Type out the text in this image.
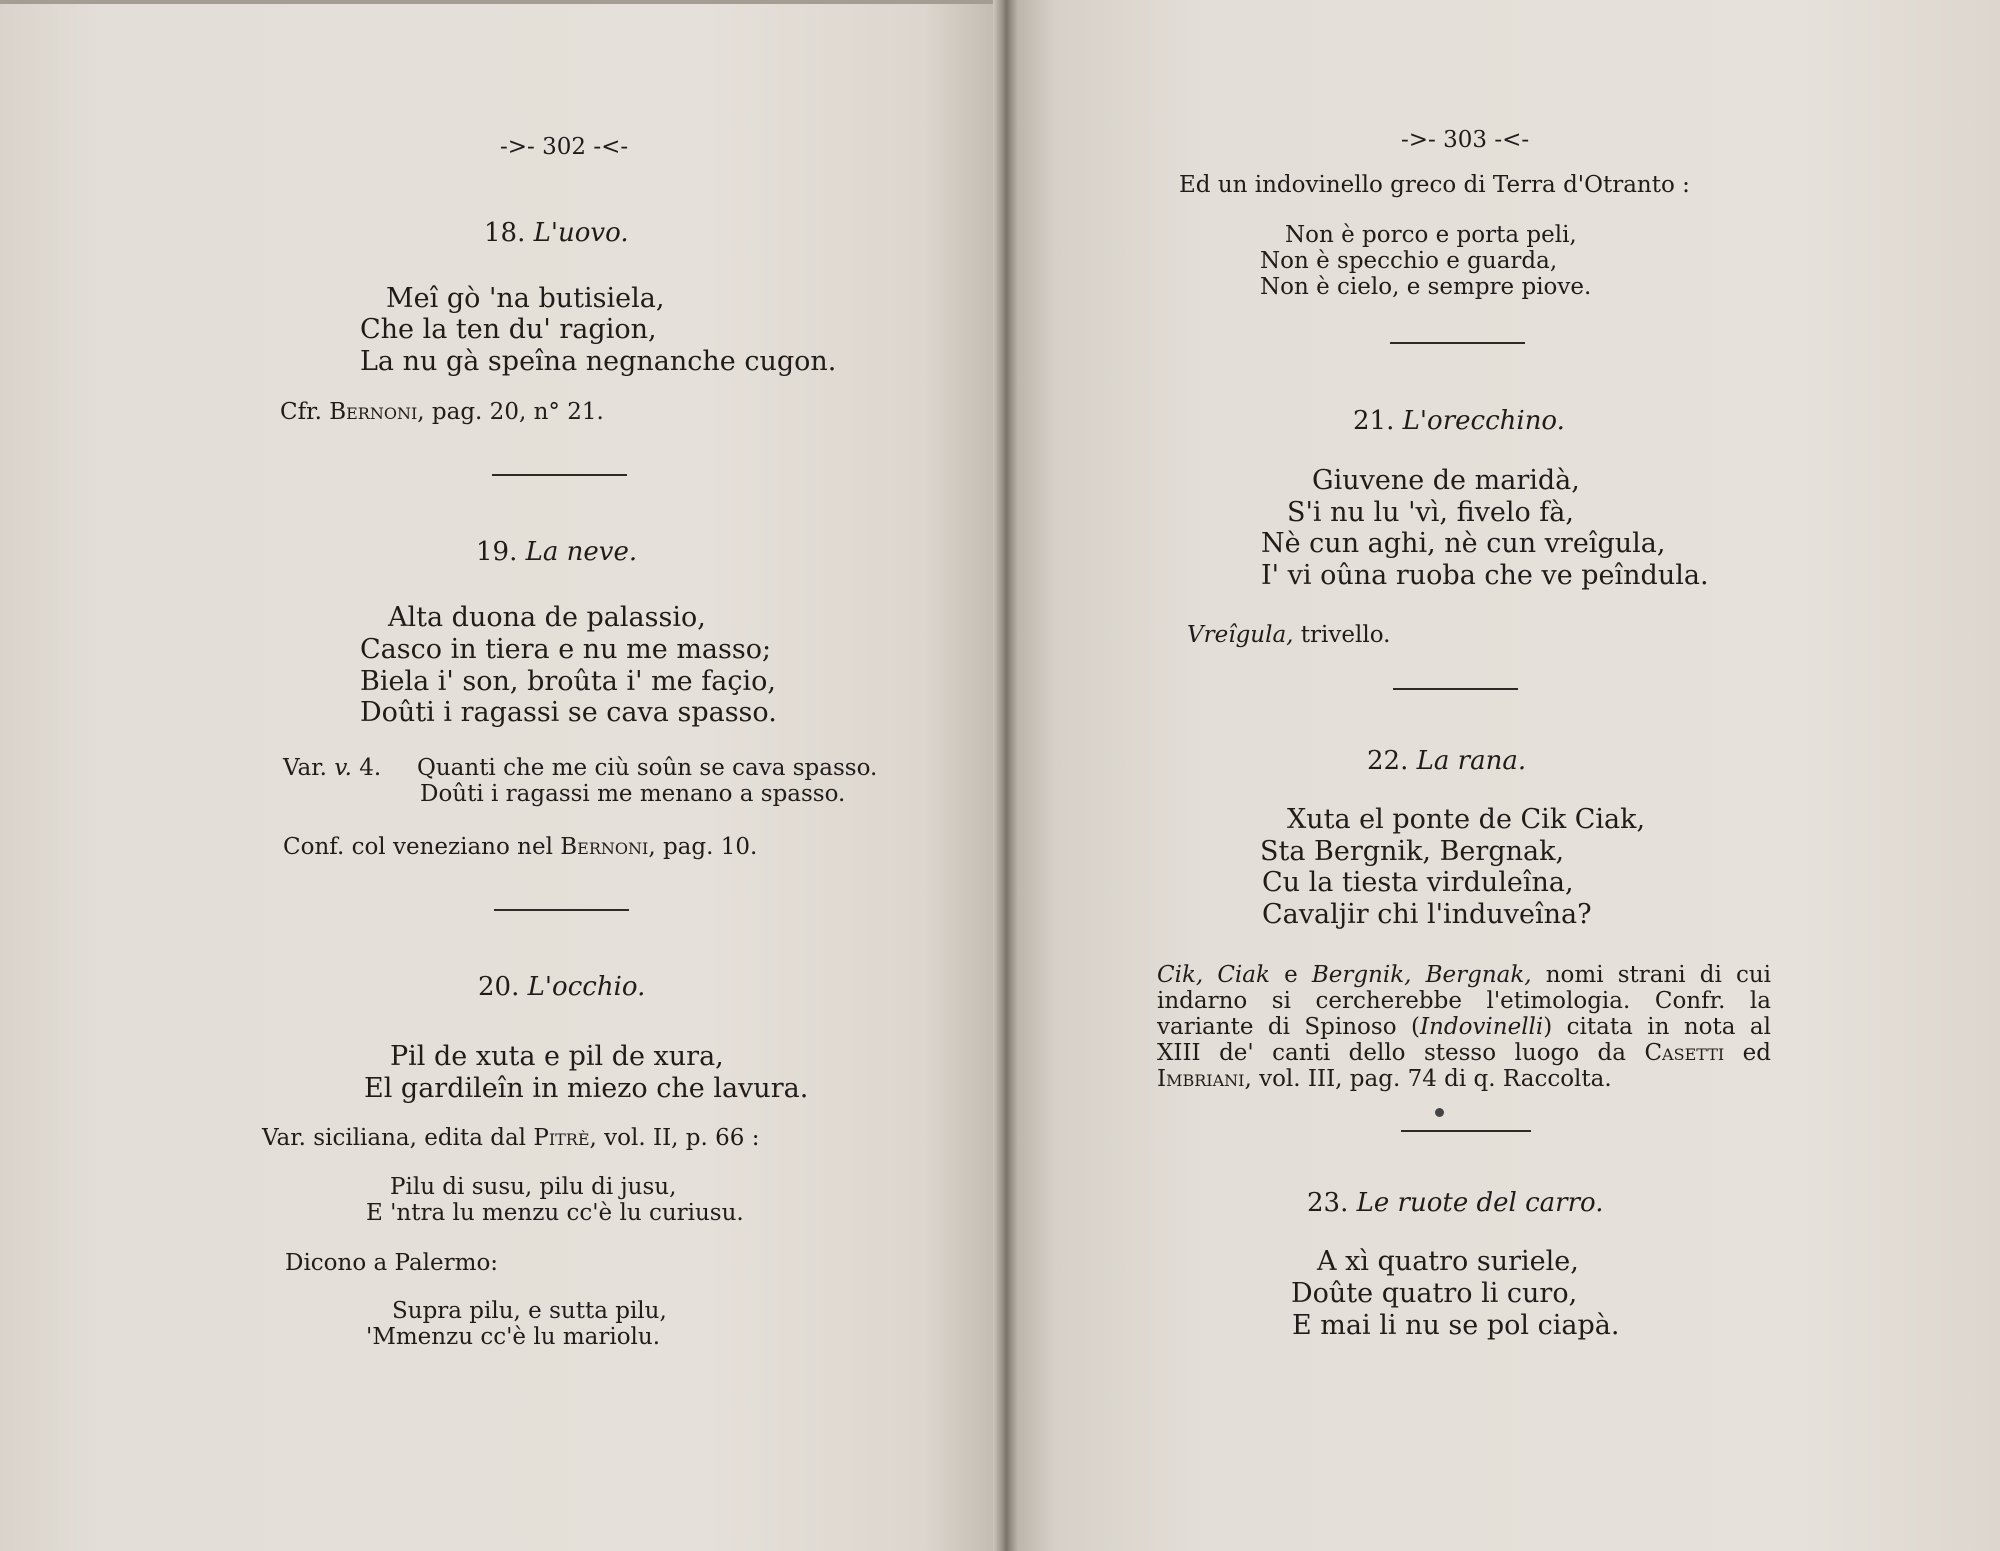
->- 302 -<-
18. L'uovo.
Meî gò 'na butisiela,
Che la ten du' ragion,
La nu gà speîna negnanche cugon.
Cfr. Bernoni, pag. 20, n° 21.
19. La neve.
Alta duona de palassio,
Casco in tiera e nu me masso;
Biela i' son, broûta i' me façio,
Doûti i ragassi se cava spasso.
Var. v. 4. Quanti che me ciù soûn se cava spasso.
Doûti i ragassi me menano a spasso.
Conf. col veneziano nel Bernoni, pag. 10.
20. L'occhio.
Pil de xuta e pil de xura,
El gardileîn in miezo che lavura.
Var. siciliana, edita dal Pitrè, vol. II, p. 66 :
Pilu di susu, pilu di jusu,
E 'ntra lu menzu cc'è lu curiusu.
Dicono a Palermo:
Supra pilu, e sutta pilu,
'Mmenzu cc'è lu mariolu.
->- 303 -<-
Ed un indovinello greco di Terra d'Otranto :
Non è porco e porta peli,
Non è specchio e guarda,
Non è cielo, e sempre piove.
21. L'orecchino.
Giuvene de maridà,
S'i nu lu 'vì, fivelo fà,
Nè cun aghi, nè cun vreîgula,
I' vi oûna ruoba che ve peîndula.
Vreîgula, trivello.
22. La rana.
Xuta el ponte de Cik Ciak,
Sta Bergnik, Bergnak,
Cu la tiesta virduleîna,
Cavaljir chi l'induveîna?
Cik, Ciak e Bergnik, Bergnak, nomi strani di cui indarno si cercherebbe l'etimologia. Confr. la variante di Spinoso (Indovinelli) citata in nota al XIII de' canti dello stesso luogo da Casetti ed Imbriani, vol. III, pag. 74 di q. Raccolta.
23. Le ruote del carro.
A xì quatro suriele,
Doûte quatro li curo,
E mai li nu se pol ciapà.
